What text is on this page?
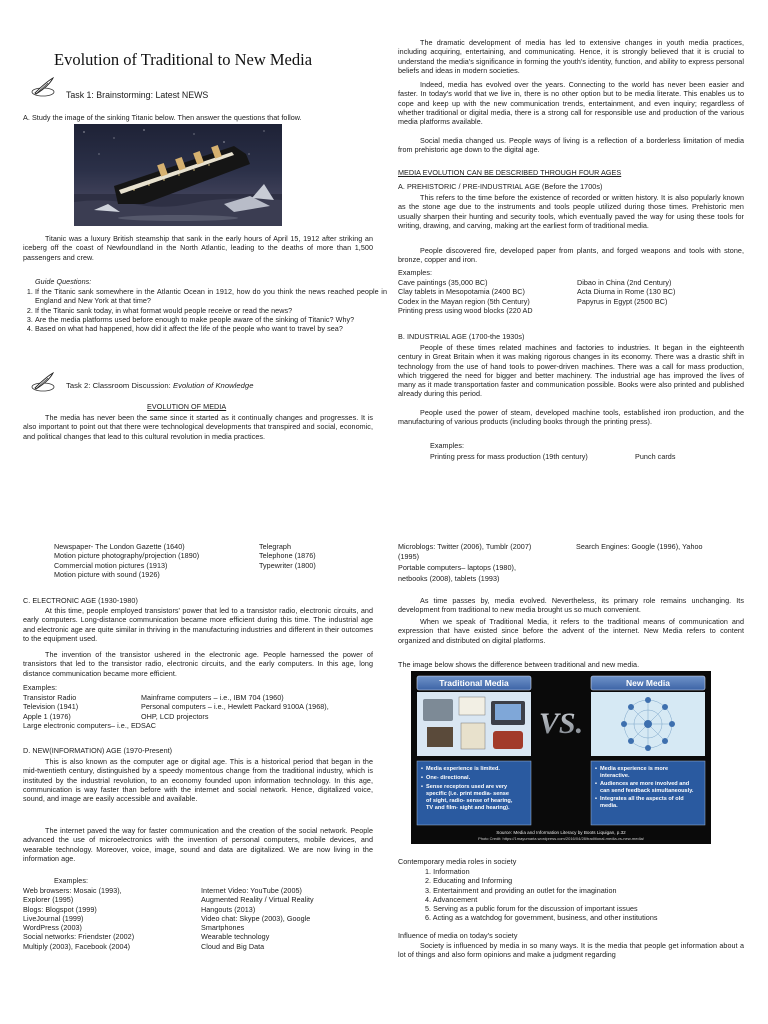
Evolution of Traditional to New Media
Task 1: Brainstorming: Latest NEWS
A. Study the image of the sinking Titanic below. Then answer the questions that follow.
Titanic was a luxury British steamship that sank in the early hours of April 15, 1912 after striking an iceberg off the coast of Newfoundland in the North Atlantic, leading to the deaths of more than 1,500 passengers and crew.
Guide Questions:
1. If the Titanic sank somewhere in the Atlantic Ocean in 1912, how do you think the news reached people in England and New York at that time?
2. If the Titanic sank today, in what format would people receive or read the news?
3. Are the media platforms used before enough to make people aware of the sinking of Titanic? Why?
4. Based on what had happened, how did it affect the life of the people who want to travel by sea?
Task 2: Classroom Discussion: Evolution of Knowledge
EVOLUTION OF MEDIA
The media has never been the same since it started as it continually changes and progresses. It is also important to point out that there were technological developments that transpired and social, economic, and political changes that lead to this cultural revolution in media practices.
The dramatic development of media has led to extensive changes in youth media practices, including acquiring, entertaining, and communicating. Hence, it is strongly believed that it is crucial to understand the media's significance in forming the youth's identity, function, and ability to express personal beliefs and ideas in modern societies.
Indeed, media has evolved over the years. Connecting to the world has never been easier and faster. In today's world that we live in, there is no other option but to be media literate. This enables us to cope and keep up with the new communication trends, entertainment, and even inquiry; regardless of whether traditional or digital media, there is a strong call for responsible use and production of the various media platforms available.
Social media changed us. People ways of living is a reflection of a borderless limitation of media from prehistoric age down to the digital age.
MEDIA EVOLUTION CAN BE DESCRIBED THROUGH FOUR AGES
A. PREHISTORIC / PRE-INDUSTRIAL AGE (Before the 1700s)
This refers to the time before the existence of recorded or written history. It is also popularly known as the stone age due to the instruments and tools people utilized during those times. Prehistoric men usually sharpen their hunting and security tools, which eventually paved the way for using these tools for writing, drawing, and carving, making art the earliest form of traditional media.
People discovered fire, developed paper from plants, and forged weapons and tools with stone, bronze, copper and iron.
Examples:
Cave paintings (35,000 BC)	Dibao in China (2nd Century)
Clay tablets in Mesopotamia (2400 BC)	Acta Diurna in Rome (130 BC)
Codex in the Mayan region (5th Century)	Papyrus in Egypt (2500 BC)
Printing press using wood blocks (220 AD
B. INDUSTRIAL AGE (1700-the 1930s)
People of these times related machines and factories to industries. It began in the eighteenth century in Great Britain when it was making rigorous changes in its economy. There was a drastic shift in technology from the use of hand tools to power-driven machines. There was a call for mass production, which triggered the need for bigger and better machinery. The industrial age has improved the lives of many as it made transportation faster and communication possible. Books were also printed and published already during this period.
People used the power of steam, developed machine tools, established iron production, and the manufacturing of various products (including books through the printing press).
Examples:
Printing press for mass production (19th century)	Punch cards
Newspaper- The London Gazette (1640)	Telegraph
Motion picture photography/projection (1890)	Telephone (1876)
Commercial motion pictures (1913)	Typewriter (1800)
Motion picture with sound (1926)
C. ELECTRONIC AGE (1930-1980)
At this time, people employed transistors' power that led to a transistor radio, electronic circuits, and early computers. Long-distance communication became more efficient during this time. The industrial age and electronic age are quite similar in thriving in the manufacturing industries and different in their outcomes to the equipment used.
The invention of the transistor ushered in the electronic age. People harnessed the power of transistors that led to the transistor radio, electronic circuits, and the early computers. In this age, long distance communication became more efficient.
Examples:
Transistor Radio	Mainframe computers – i.e., IBM 704 (1960)
Television (1941)	Personal computers – i.e., Hewlett Packard 9100A (1968),
Apple 1 (1976)	OHP, LCD projectors
Large electronic computers– i.e., EDSAC
D. NEW(INFORMATION) AGE (1970-Present)
This is also known as the computer age or digital age. This is a historical period that began in the mid-twentieth century, distinguished by a speedy momentous change from the traditional industry, which is instituted by the industrial revolution, to an economy founded upon information technology. In this age, communication is way faster than before with the internet and social network. Hence, digitalized voice, sound, and image are easily accessible and available.
The internet paved the way for faster communication and the creation of the social network. People advanced the use of microelectronics with the invention of personal computers, mobile devices, and wearable technology. Moreover, voice, image, sound and data are digitalized. We are now living in the information age.
Examples:
Web browsers: Mosaic (1993),	Internet Video: YouTube (2005)
Explorer (1995)	Augmented Reality / Virtual Reality
Blogs: Blogspot (1999)	Hangouts (2013)
LiveJournal (1999)	Video chat: Skype (2003), Google
WordPress (2003)	Smartphones
Social networks: Friendster (2002)	Wearable technology
Multiply (2003), Facebook (2004)	Cloud and Big Data
Microblogs: Twitter (2006), Tumblr (2007)	Search Engines: Google (1996), Yahoo
(1995)
Portable computers– laptops (1980),
netbooks (2008), tablets (1993)
As time passes by, media evolved. Nevertheless, its primary role remains unchanging. Its development from traditional to new media brought us so much convenient.
When we speak of Traditional Media, it refers to the traditional means of communication and expression that have existed since before the advent of the internet. New Media refers to content organized and distributed on digital platforms.
The image below shows the difference between traditional and new media.
Traditional Media	New Media
VS.
• Media experience is limited.
• One- directional.
• Sense receptors used are very specific (i.e. print media- sense of sight, radio- sense of hearing, TV and film- sight and hearing).
• Media experience is more interactive.
• Audiences are more involved and can send feedback simultaneously.
• Integrates all the aspects of old media.
Source: Media and Information Literacy by Boots Liquigan, p.32
Photo Credit: https://1mayumaria.wordpress.com/2016/04/28/traditional-media-vs-new-media/
Contemporary media roles in society
1. Information
2. Educating and Informing
3. Entertainment and providing an outlet for the imagination
4. Advancement
5. Serving as a public forum for the discussion of important issues
6. Acting as a watchdog for government, business, and other institutions
Influence of media on today's society
Society is influenced by media in so many ways. It is the media that people get information about a lot of things and also form opinions and make a judgment regarding
